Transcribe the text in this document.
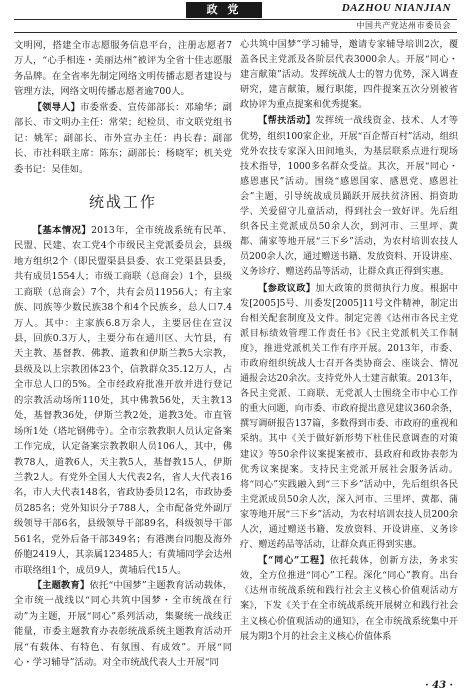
政 党	DAZHOU NIANJIAN
中国共产党达州市委员会

文明网，搭建全市志愿服务信息平台，注册志愿者7万人，“心手相连・美丽达州”被评为全省十佳志愿服务品牌。在全省率先制定网络文明传播志愿者建设与管理方法，网络文明传播志愿者逾700人。

【领导人】市委常委、宣传部部长：邓瑜华；副部长、市文明办主任：常荣；纪检员、市文联党组书记：姚军；副部长、市外宣办主任：冉长春；副部长、市社科联主席：陈东；副部长：杨晓军；机关党委书记：吴佳如。

统战工作

【基本情况】2013年，全市统战系统有民革、民盟、民建、农工党4个市级民主党派委员会，县级地方组织2个（即民盟渠县县委、农工党渠县县委，共有成员1554人；市级工商联（总商会）1个，县级工商联（总商会）7个，共有会员11956人；有主家族、同族等少数民族38个和4个民族乡，总人口7.4万人。其中：主家族6.8万余人，主要居住在宣汉县，回族0.3万人，主要分布在通川区、大竹县，有天主教、基督教、佛教、道教和伊斯兰教5大宗教，县级及以上宗教团体23个，信教群众35.12万人，占全市总人口的5%。全市经政府批准开放并进行登记的宗教活动场所110处，其中佛教56处，天主教13处，基督教36处，伊斯兰教2处，道教3处。市直管场所1处（塔坨钢佛寺）。全市宗教教职人员认定备案工作完成，认定备案宗教教职人员106人，其中，佛教78人，道教6人，天主教5人，基督教15人，伊斯兰教2人。有党外全国人大代表2名，省人大代表16名，市人大代表148名，省政协委员12名，市政协委员285名；党外知识分子788人，全市配备党外副厅级领导干部6名，县级领导干部89名，科级领导干部561名，党外后备干部349名；有港澳台同胞及海外侨胞2419人，其亲属123485人；有黄埔同学会达州市联络组1个，成员9人，黄埔后代15人。

【主题教育】依托“中国梦”主题教育活动载体，全市统一战线以“同心共筑中国梦・全市统战在行动”为主题，开展“同心”系列活动，集聚统一战线正能量，市委主题教育办表彰统战系统主题教育活动开展“有载体、有特色、有氛围、有成效”。开展“同心・学习辅导”活动。对全市统战代表人士开展“同

心共筑中国梦”学习辅导，邀请专家辅导培训2次，覆盖各民主党派及各阶层代表3000余人。开展“同心・建言献策”活动。发挥统战人士的智力优势，深入调查研究，建言献策，履行职能，四件提案五次分别被省政协评为重点提案和优秀提案。

【帮扶活动】发挥统一战线资金、技术、人才等优势，组织100家企业，开展“百企帮百村”活动，组织党外农技专家深入田间地头，为基层联系点进行现场技术指导，1000多名群众受益。其次，开展“同心・感恩惠民”活动。围绕“感恩国家、感恩党、感恩社会”主题，引导统战成员踊跃开展扶贫济困、捐资助学、关爱留守儿童活动，得到社会一致好评。先后组织各民主党派成员50余人次，到河市、三里坪、黄都、蒲家等地开展“三下乡”活动，为农村培训农技人员200余人次，通过赠送书籍、发放资料、开设讲座、义务诊疗、赠送药品等活动，让群众真正得到实惠。

【参政议政】加大政策的贯彻执行力度。根据中发[2005]5号、川委发[2005]11号文件精神，制定出台相关配套制度及文件。制定完善《达州市各民主党派目标绩效管理工作责任书》《民主党派机关工作制度》，推进党派机关工作有序开展。2013年，市委、市政府组织统战人士召开各类协商会、座谈会、情况通报会达20余次。支持党外人士建言献策。2013年，各民主党派、工商联、无党派人士围绕全市中心工作的重大问题，向市委、市政府提出意见建议360余条，撰写调研报告137篇，多数得到市委、市政府的重视和采纳。其中《关于做好新形势下杜佳民意调查的对策建议》等50余件议案提案被市、县政府和政协表彰为优秀议案提案。支持民主党派开展社会服务活动。将“同心”实践融入到“三下乡”活动中，先后组织各民主党派成员50余人次，深入河市、三里坪、黄都、蒲家等地开展“三下乡”活动，为农村培训农技人员200余人次，通过赠送书籍、发放资料、开设讲座、义务诊疗、赠送药品等活动，让群众真正得到实惠。

【“同心”工程】依托载体，创新方法，务求实效，全方位推进“同心”工程。深化“同心”教育。出台《达州市统战系统和践行社会主义核心价值观活动方案》，下发《关于在全市统战系统开展树立和践行社会主义核心价值观活动的通知》，在全市统战系统集中开展为期3个月的社会主义核心价值体系

· 43 ·
